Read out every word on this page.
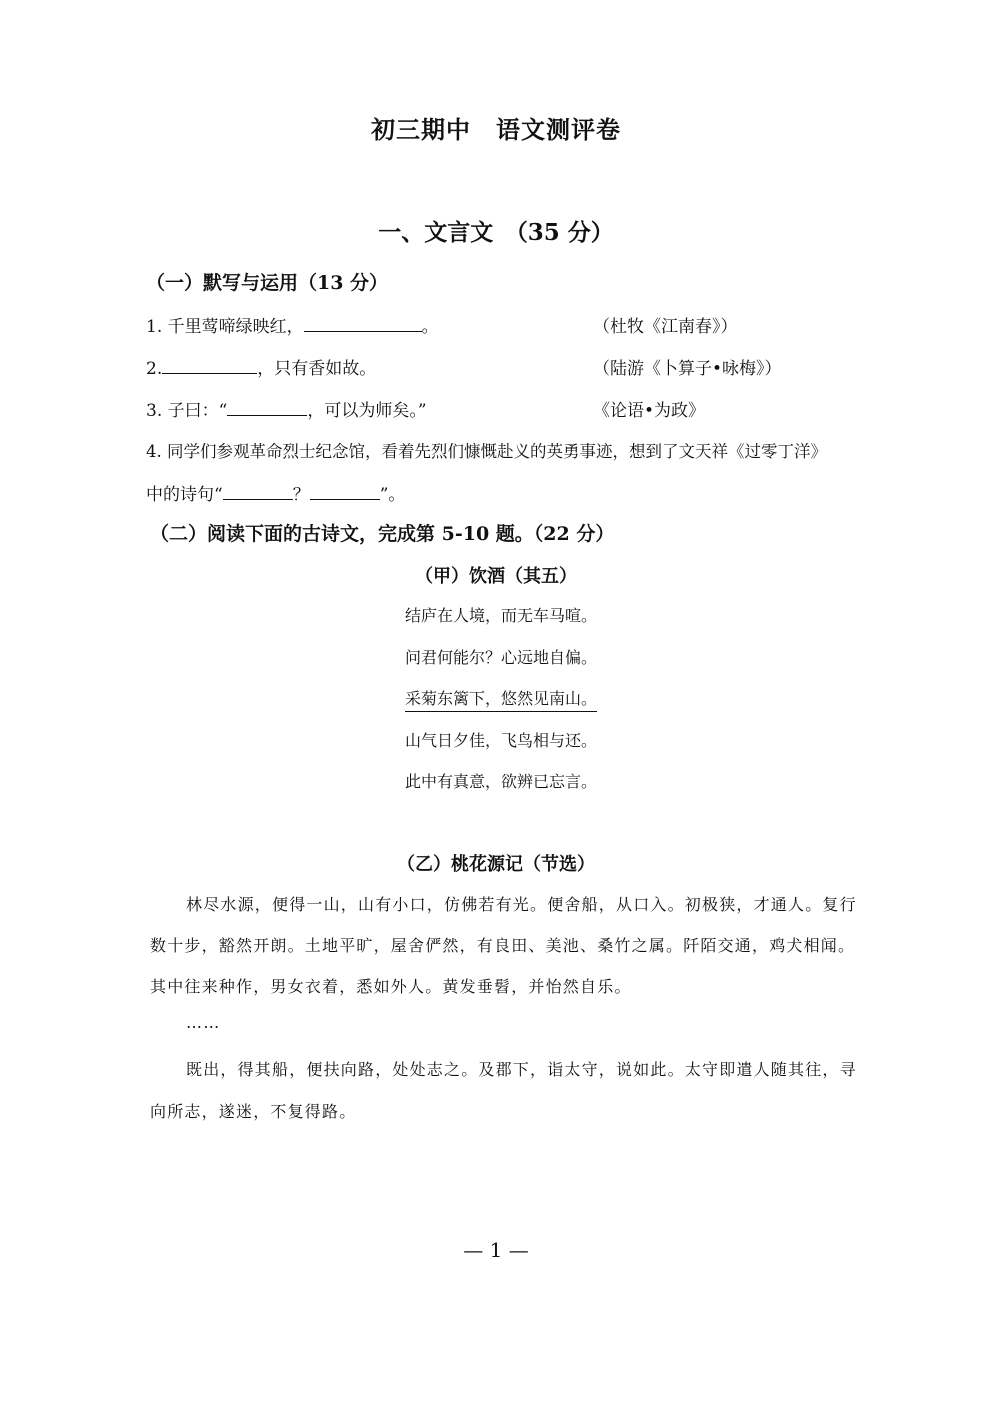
初三期中　语文测评卷
一、文言文　（35 分）
（一）默写与运用（13 分）
1. 千里莺啼绿映红，	。	（杜牧《江南春》）
2.	，只有香如故。	（陆游《卜算子•咏梅》）
3. 子曰：“	，可以为师矣。”	《论语•为政》
4. 同学们参观革命烈士纪念馆，看着先烈们慷慨赴义的英勇事迹，想到了文天祥《过零丁洋》
中的诗句“	？	”。
（二）阅读下面的古诗文，完成第 5-10 题。（22 分）
（甲）饮酒（其五）
结庐在人境，而无车马喧。
问君何能尔？心远地自偏。
采菊东篱下，悠然见南山。
山气日夕佳，飞鸟相与还。
此中有真意，欲辨已忘言。
（乙）桃花源记（节选）
林尽水源，便得一山，山有小口，仿佛若有光。便舍船，从口入。初极狭，才通人。复行
数十步，豁然开朗。土地平旷，屋舍俨然，有良田、美池、桑竹之属。阡陌交通，鸡犬相闻。
其中往来种作，男女衣着，悉如外人。黄发垂髫，并怡然自乐。
……
既出，得其船，便扶向路，处处志之。及郡下，诣太守，说如此。太守即遣人随其往，寻
向所志，遂迷，不复得路。
— 1 —
